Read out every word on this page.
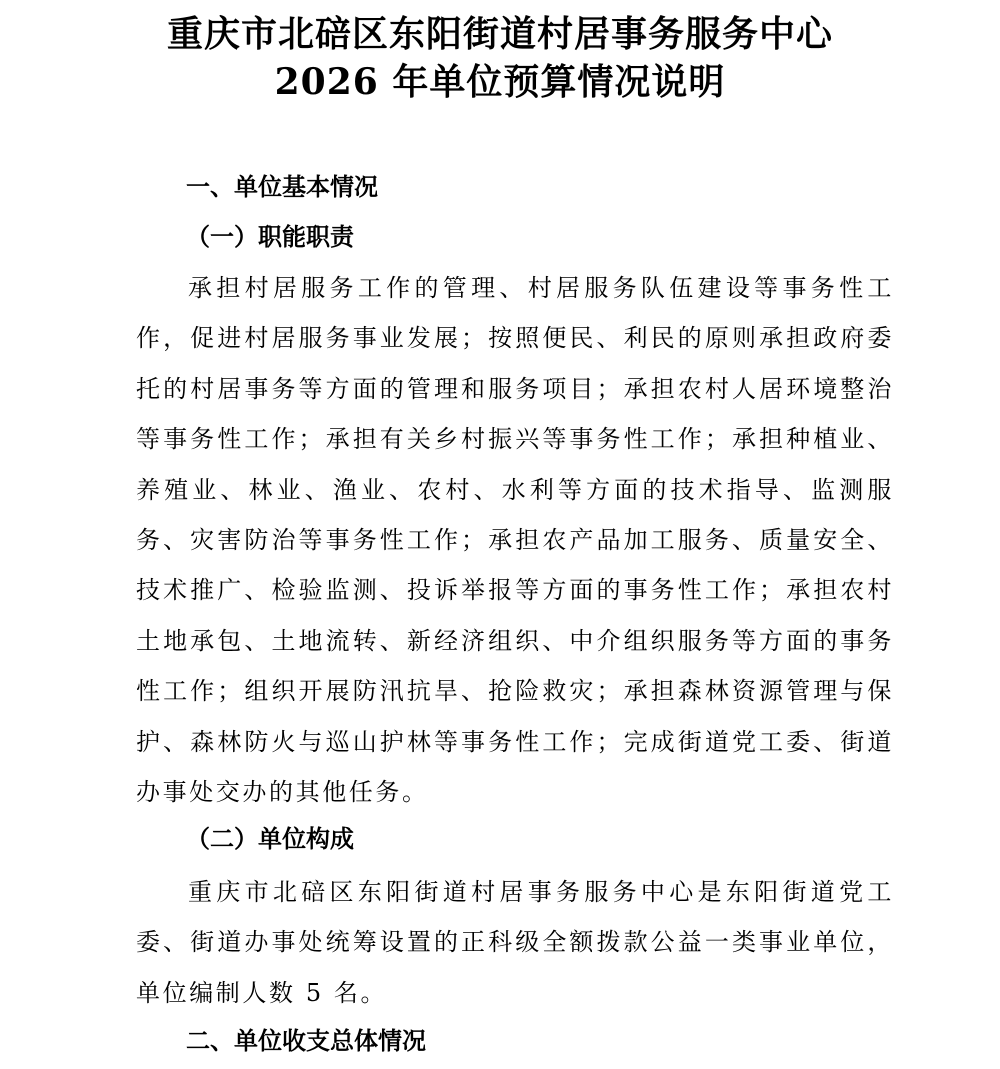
重庆市北碚区东阳街道村居事务服务中心
2026 年单位预算情况说明
一、单位基本情况
（一）职能职责

承担村居服务工作的管理、村居服务队伍建设等事务性工作，促进村居服务事业发展；按照便民、利民的原则承担政府委托的村居事务等方面的管理和服务项目；承担农村人居环境整治等事务性工作；承担有关乡村振兴等事务性工作；承担种植业、养殖业、林业、渔业、农村、水利等方面的技术指导、监测服务、灾害防治等事务性工作；承担农产品加工服务、质量安全、技术推广、检验监测、投诉举报等方面的事务性工作；承担农村土地承包、土地流转、新经济组织、中介组织服务等方面的事务性工作；组织开展防汛抗旱、抢险救灾；承担森林资源管理与保护、森林防火与巡山护林等事务性工作；完成街道党工委、街道办事处交办的其他任务。

（二）单位构成

重庆市北碚区东阳街道村居事务服务中心是东阳街道党工委、街道办事处统筹设置的正科级全额拨款公益一类事业单位，单位编制人数 5 名。

二、单位收支总体情况
